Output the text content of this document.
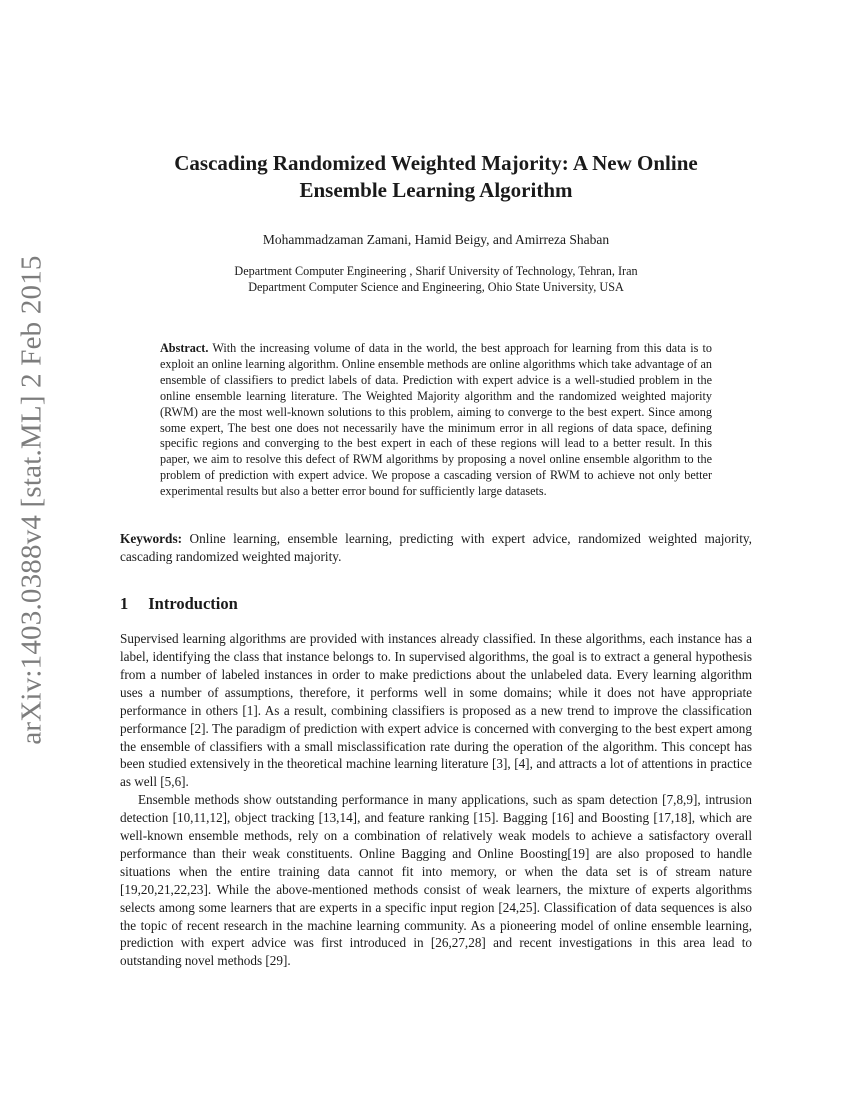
arXiv:1403.0388v4 [stat.ML] 2 Feb 2015
Cascading Randomized Weighted Majority: A New Online Ensemble Learning Algorithm
Mohammadzaman Zamani, Hamid Beigy, and Amirreza Shaban
Department Computer Engineering , Sharif University of Technology, Tehran, Iran
Department Computer Science and Engineering, Ohio State University, USA
Abstract. With the increasing volume of data in the world, the best approach for learning from this data is to exploit an online learning algorithm. Online ensemble methods are online algorithms which take advantage of an ensemble of classifiers to predict labels of data. Prediction with expert advice is a well-studied problem in the online ensemble learning literature. The Weighted Majority algorithm and the randomized weighted majority (RWM) are the most well-known solutions to this problem, aiming to converge to the best expert. Since among some expert, The best one does not necessarily have the minimum error in all regions of data space, defining specific regions and converging to the best expert in each of these regions will lead to a better result. In this paper, we aim to resolve this defect of RWM algorithms by proposing a novel online ensemble algorithm to the problem of prediction with expert advice. We propose a cascading version of RWM to achieve not only better experimental results but also a better error bound for sufficiently large datasets.
Keywords: Online learning, ensemble learning, predicting with expert advice, randomized weighted majority, cascading randomized weighted majority.
1 Introduction

Supervised learning algorithms are provided with instances already classified. In these algorithms, each instance has a label, identifying the class that instance belongs to. In supervised algorithms, the goal is to extract a general hypothesis from a number of labeled instances in order to make predictions about the unlabeled data. Every learning algorithm uses a number of assumptions, therefore, it performs well in some domains; while it does not have appropriate performance in others [1]. As a result, combining classifiers is proposed as a new trend to improve the classification performance [2]. The paradigm of prediction with expert advice is concerned with converging to the best expert among the ensemble of classifiers with a small misclassification rate during the operation of the algorithm. This concept has been studied extensively in the theoretical machine learning literature [3], [4], and attracts a lot of attentions in practice as well [5,6].

Ensemble methods show outstanding performance in many applications, such as spam detection [7,8,9], intrusion detection [10,11,12], object tracking [13,14], and feature ranking [15]. Bagging [16] and Boosting [17,18], which are well-known ensemble methods, rely on a combination of relatively weak models to achieve a satisfactory overall performance than their weak constituents. Online Bagging and Online Boosting[19] are also proposed to handle situations when the entire training data cannot fit into memory, or when the data set is of stream nature [19,20,21,22,23]. While the above-mentioned methods consist of weak learners, the mixture of experts algorithms selects among some learners that are experts in a specific input region [24,25]. Classification of data sequences is also the topic of recent research in the machine learning community. As a pioneering model of online ensemble learning, prediction with expert advice was first introduced in [26,27,28] and recent investigations in this area lead to outstanding novel methods [29].
